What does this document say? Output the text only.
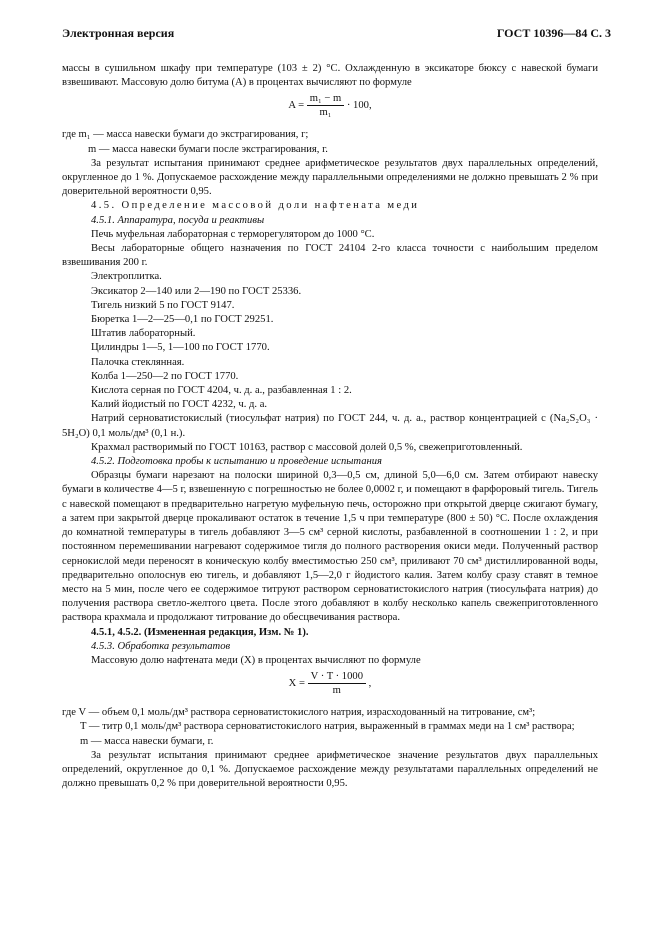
Электронная версия	ГОСТ 10396—84 С. 3

массы в сушильном шкафу при температуре (103 ± 2) °С. Охлажденную в эксикаторе бюксу с навеской бумаги взвешивают. Массовую долю битума (А) в процентах вычисляют по формуле

$A = \frac{\text{m₁ − m}}{\text{m₁}} \cdot 100$,

где m₁ — масса навески бумаги до экстрагирования, г;

m — масса навески бумаги после экстрагирования, г.

За результат испытания принимают среднее арифметическое результатов двух параллельных определений, округленное до 1 %. Допускаемое расхождение между параллельными определениями не должно превышать 2 % при доверительной вероятности 0,95.

4.5. Определение массовой доли нафтената меди

4.5.1. Аппаратура, посуда и реактивы

Печь муфельная лабораторная с терморегулятором до 1000 °С.

Весы лабораторные общего назначения по ГОСТ 24104 2-го класса точности с наибольшим пределом взвешивания 200 г.

Электроплитка.

Эксикатор 2—140 или 2—190 по ГОСТ 25336.

Тигель низкий 5 по ГОСТ 9147.

Бюретка 1—2—25—0,1 по ГОСТ 29251.

Штатив лабораторный.

Цилиндры 1—5, 1—100 по ГОСТ 1770.

Палочка стеклянная.

Колба 1—250—2 по ГОСТ 1770.

Кислота серная по ГОСТ 4204, ч. д. а., разбавленная 1 : 2.

Калий йодистый по ГОСТ 4232, ч. д. а.

Натрий серноватистокислый (тиосульфат натрия) по ГОСТ 244, ч. д. а., раствор концентрацией c (Na₂S₂O₃ · 5H₂O) 0,1 моль/дм³ (0,1 н.).

Крахмал растворимый по ГОСТ 10163, раствор с массовой долей 0,5 %, свежеприготовленный.

4.5.2. Подготовка пробы к испытанию и проведение испытания

Образцы бумаги нарезают на полоски шириной 0,3—0,5 см, длиной 5,0—6,0 см. Затем отбирают навеску бумаги в количестве 4—5 г, взвешенную с погрешностью не более 0,0002 г, и помещают в фарфоровый тигель. Тигель с навеской помещают в предварительно нагретую муфельную печь, осторожно при открытой дверце сжигают бумагу, а затем при закрытой дверце прокаливают остаток в течение 1,5 ч при температуре (800 ± 50) °С. После охлаждения до комнатной температуры в тигель добавляют 3—5 см³ серной кислоты, разбавленной в соотношении 1 : 2, и при постоянном перемешивании нагревают содержимое тигля до полного растворения окиси меди. Полученный раствор сернокислой меди переносят в коническую колбу вместимостью 250 см³, приливают 70 см³ дистиллированной воды, предварительно ополоснув ею тигель, и добавляют 1,5—2,0 г йодистого калия. Затем колбу сразу ставят в темное место на 5 мин, после чего ее содержимое титруют раствором серноватистокислого натрия (тиосульфата натрия) до получения раствора светло-желтого цвета. После этого добавляют в колбу несколько капель свежеприготовленного раствора крахмала и продолжают титрование до обесцвечивания раствора.

4.5.1, 4.5.2. (Измененная редакция, Изм. № 1).

4.5.3. Обработка результатов

Массовую долю нафтената меди (X) в процентах вычисляют по формуле

$X = \frac{V \cdot T \cdot 1000}{m}$ ,

где V — объем 0,1 моль/дм³ раствора серноватистокислого натрия, израсходованный на титрование, см³;

T — титр 0,1 моль/дм³ раствора серноватистокислого натрия, выраженный в граммах меди на 1 см³ раствора;

m — масса навески бумаги, г.

За результат испытания принимают среднее арифметическое значение результатов двух параллельных определений, округленное до 0,1 %. Допускаемое расхождение между результатами параллельных определений не должно превышать 0,2 % при доверительной вероятности 0,95.
